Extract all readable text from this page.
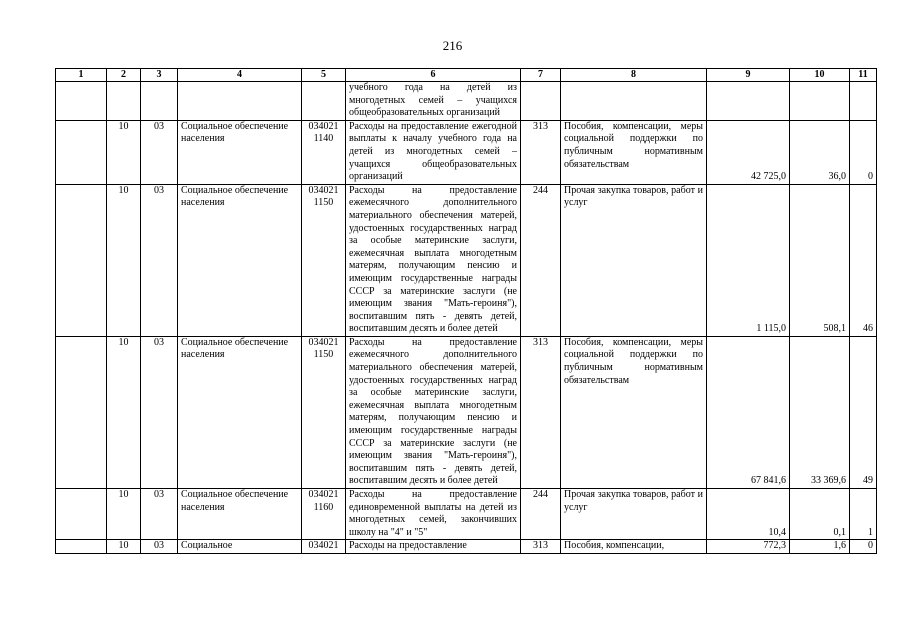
216
1	2	3	4	5	6	7	8	9	10	11
					учебного года на детей из многодетных семей – учащихся общеобразовательных организаций					
	10	03	Социальное обеспечение населения	034021 1140	Расходы на предоставление ежегодной выплаты к началу учебного года на детей из многодетных семей – учащихся общеобразовательных организаций	313	Пособия, компенсации, меры социальной поддержки по публичным нормативным обязательствам	42 725,0	36,0	0
	10	03	Социальное обеспечение населения	034021 1150	Расходы на предоставление ежемесячного дополнительного материального обеспечения матерей, удостоенных государственных наград за особые материнские заслуги, ежемесячная выплата многодетным матерям, получающим пенсию и имеющим государственные награды СССР за материнские заслуги (не имеющим звания "Мать-героиня"), воспитавшим пять - девять детей, воспитавшим десять и более детей	244	Прочая закупка товаров, работ и услуг	1 115,0	508,1	46
	10	03	Социальное обеспечение населения	034021 1150	Расходы на предоставление ежемесячного дополнительного материального обеспечения матерей, удостоенных государственных наград за особые материнские заслуги, ежемесячная выплата многодетным матерям, получающим пенсию и имеющим государственные награды СССР за материнские заслуги (не имеющим звания "Мать-героиня"), воспитавшим пять - девять детей, воспитавшим десять и более детей	313	Пособия, компенсации, меры социальной поддержки по публичным нормативным обязательствам	67 841,6	33 369,6	49
	10	03	Социальное обеспечение населения	034021 1160	Расходы на предоставление единовременной выплаты на детей из многодетных семей, закончивших школу на "4" и "5"	244	Прочая закупка товаров, работ и услуг	10,4	0,1	1
	10	03	Социальное	034021	Расходы на предоставление	313	Пособия, компенсации,	772,3	1,6	0
